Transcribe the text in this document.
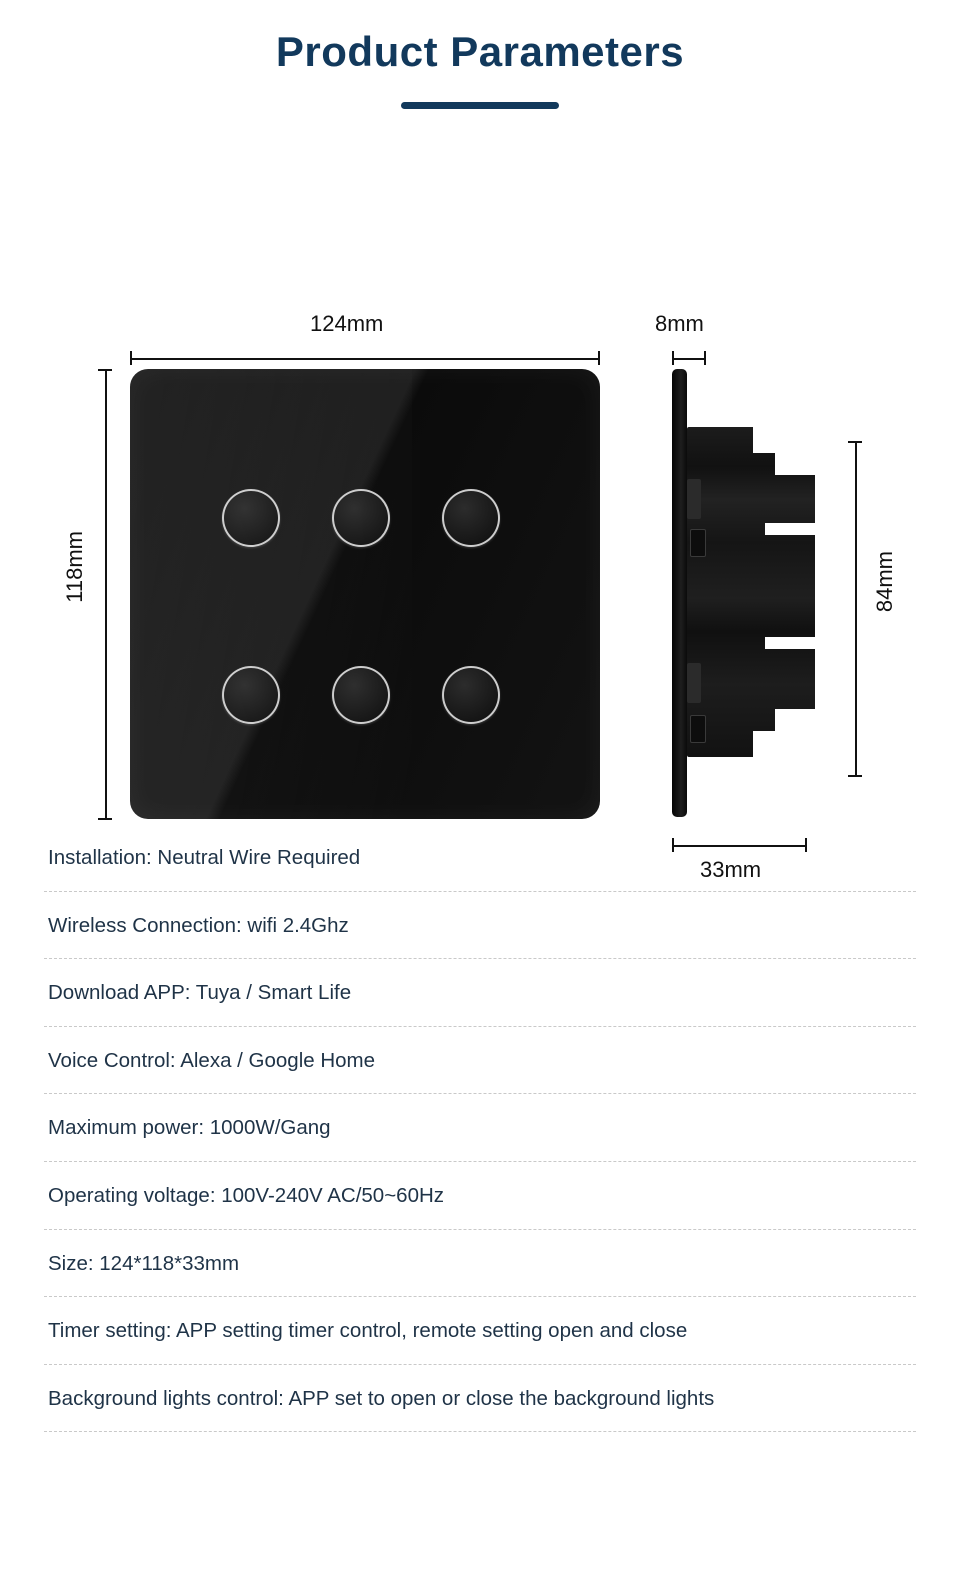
Product Parameters
124mm
118mm
8mm
84mm
33mm
Installation: Neutral Wire Required
Wireless Connection: wifi 2.4Ghz
Download APP: Tuya / Smart Life
Voice Control: Alexa / Google Home
Maximum power: 1000W/Gang
Operating voltage: 100V-240V AC/50~60Hz
Size: 124*118*33mm
Timer setting: APP setting timer control, remote setting open and close
Background lights control: APP set to open or close the background lights
